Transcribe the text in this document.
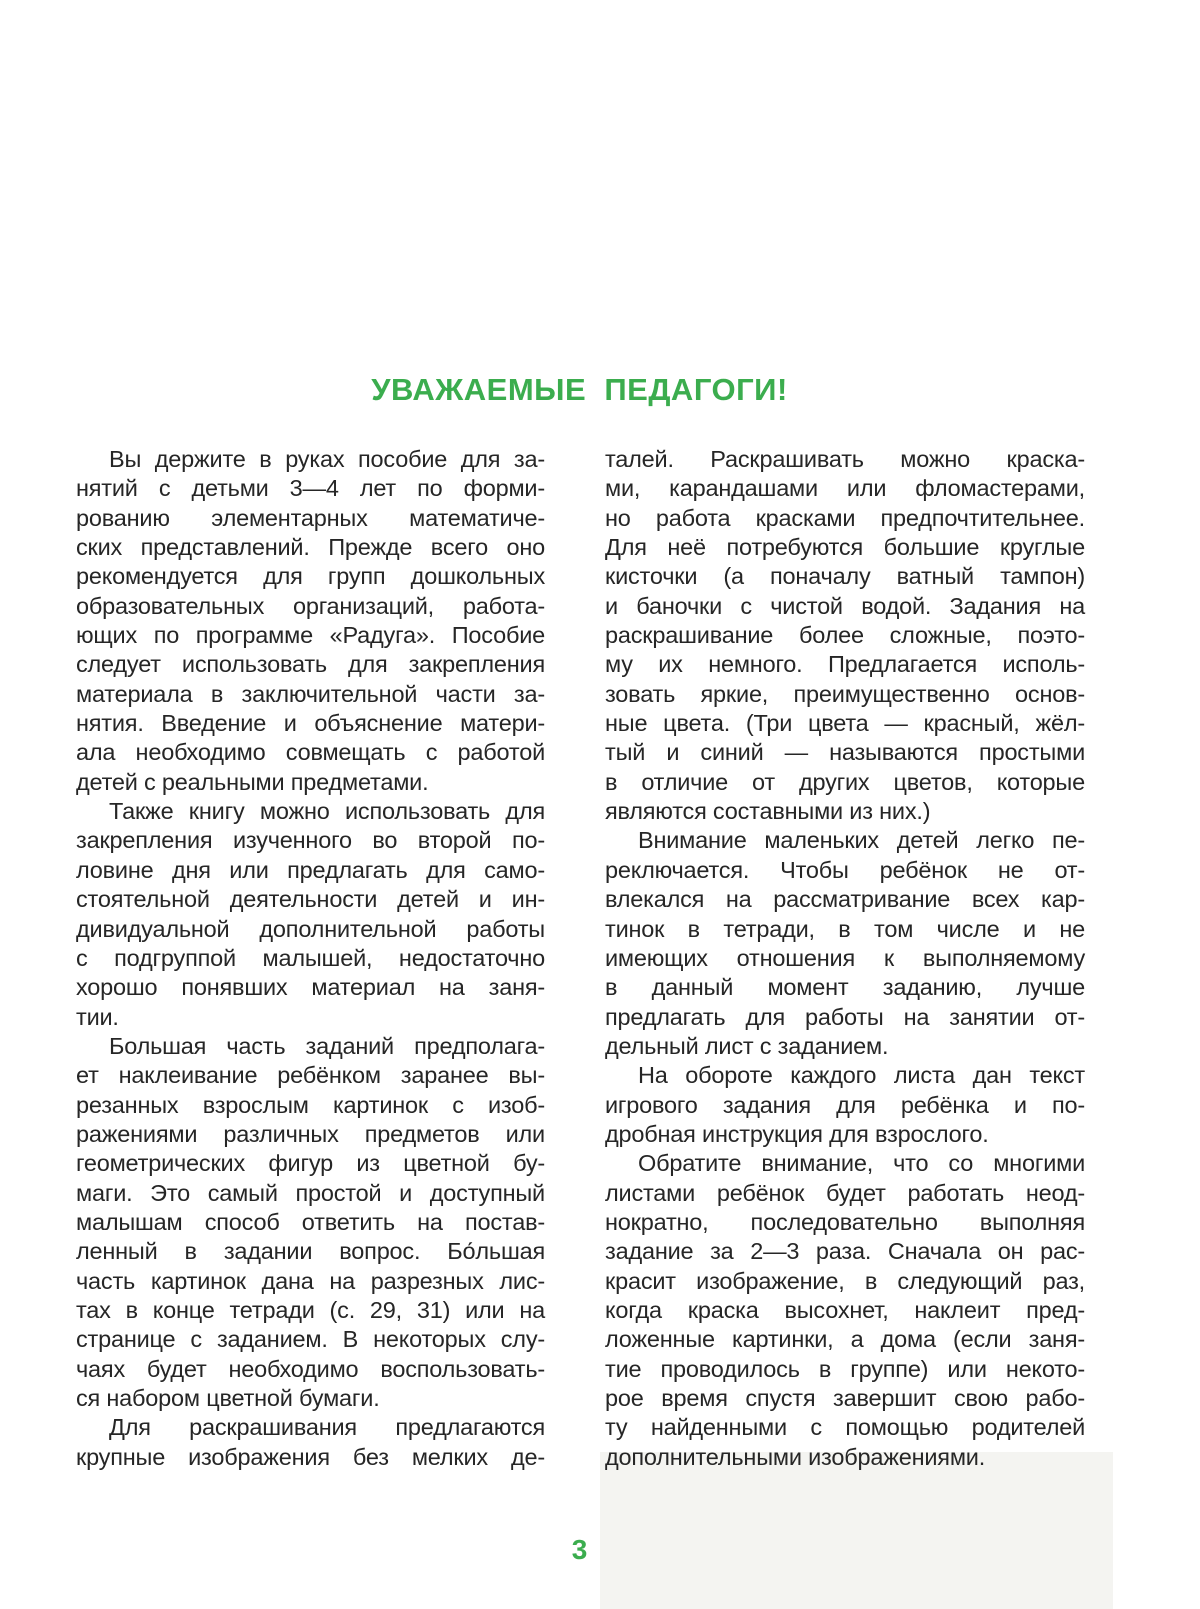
УВАЖАЕМЫЕ  ПЕДАГОГИ!
Вы держите в руках пособие для за-
нятий с детьми 3—4 лет по форми-
рованию элементарных математиче-
ских представлений. Прежде всего оно
рекомендуется для групп дошкольных
образовательных организаций, работа-
ющих по программе «Радуга». Пособие
следует использовать для закрепления
материала в заключительной части за-
нятия. Введение и объяснение матери-
ала необходимо совмещать с работой
детей с реальными предметами.
Также книгу можно использовать для
закрепления изученного во второй по-
ловине дня или предлагать для само-
стоятельной деятельности детей и ин-
дивидуальной дополнительной работы
с подгруппой малышей, недостаточно
хорошо понявших материал на заня-
тии.
Большая часть заданий предполага-
ет наклеивание ребёнком заранее вы-
резанных взрослым картинок с изоб-
ражениями различных предметов или
геометрических фигур из цветной бу-
маги. Это самый простой и доступный
малышам способ ответить на постав-
ленный в задании вопрос. Бо́льшая
часть картинок дана на разрезных лис-
тах в конце тетради (с. 29, 31) или на
странице с заданием. В некоторых слу-
чаях будет необходимо воспользовать-
ся набором цветной бумаги.
Для раскрашивания предлагаются
крупные изображения без мелких де-
талей. Раскрашивать можно краска-
ми, карандашами или фломастерами,
но работа красками предпочтительнее.
Для неё потребуются большие круглые
кисточки (а поначалу ватный тампон)
и баночки с чистой водой. Задания на
раскрашивание более сложные, поэто-
му их немного. Предлагается исполь-
зовать яркие, преимущественно основ-
ные цвета. (Три цвета — красный, жёл-
тый и синий — называются простыми
в отличие от других цветов, которые
являются составными из них.)
Внимание маленьких детей легко пе-
реключается. Чтобы ребёнок не от-
влекался на рассматривание всех кар-
тинок в тетради, в том числе и не
имеющих отношения к выполняемому
в данный момент заданию, лучше
предлагать для работы на занятии от-
дельный лист с заданием.
На обороте каждого листа дан текст
игрового задания для ребёнка и по-
дробная инструкция для взрослого.
Обратите внимание, что со многими
листами ребёнок будет работать неод-
нократно, последовательно выполняя
задание за 2—3 раза. Сначала он рас-
красит изображение, в следующий раз,
когда краска высохнет, наклеит пред-
ложенные картинки, а дома (если заня-
тие проводилось в группе) или некото-
рое время спустя завершит свою рабо-
ту найденными с помощью родителей
дополнительными изображениями.
3
